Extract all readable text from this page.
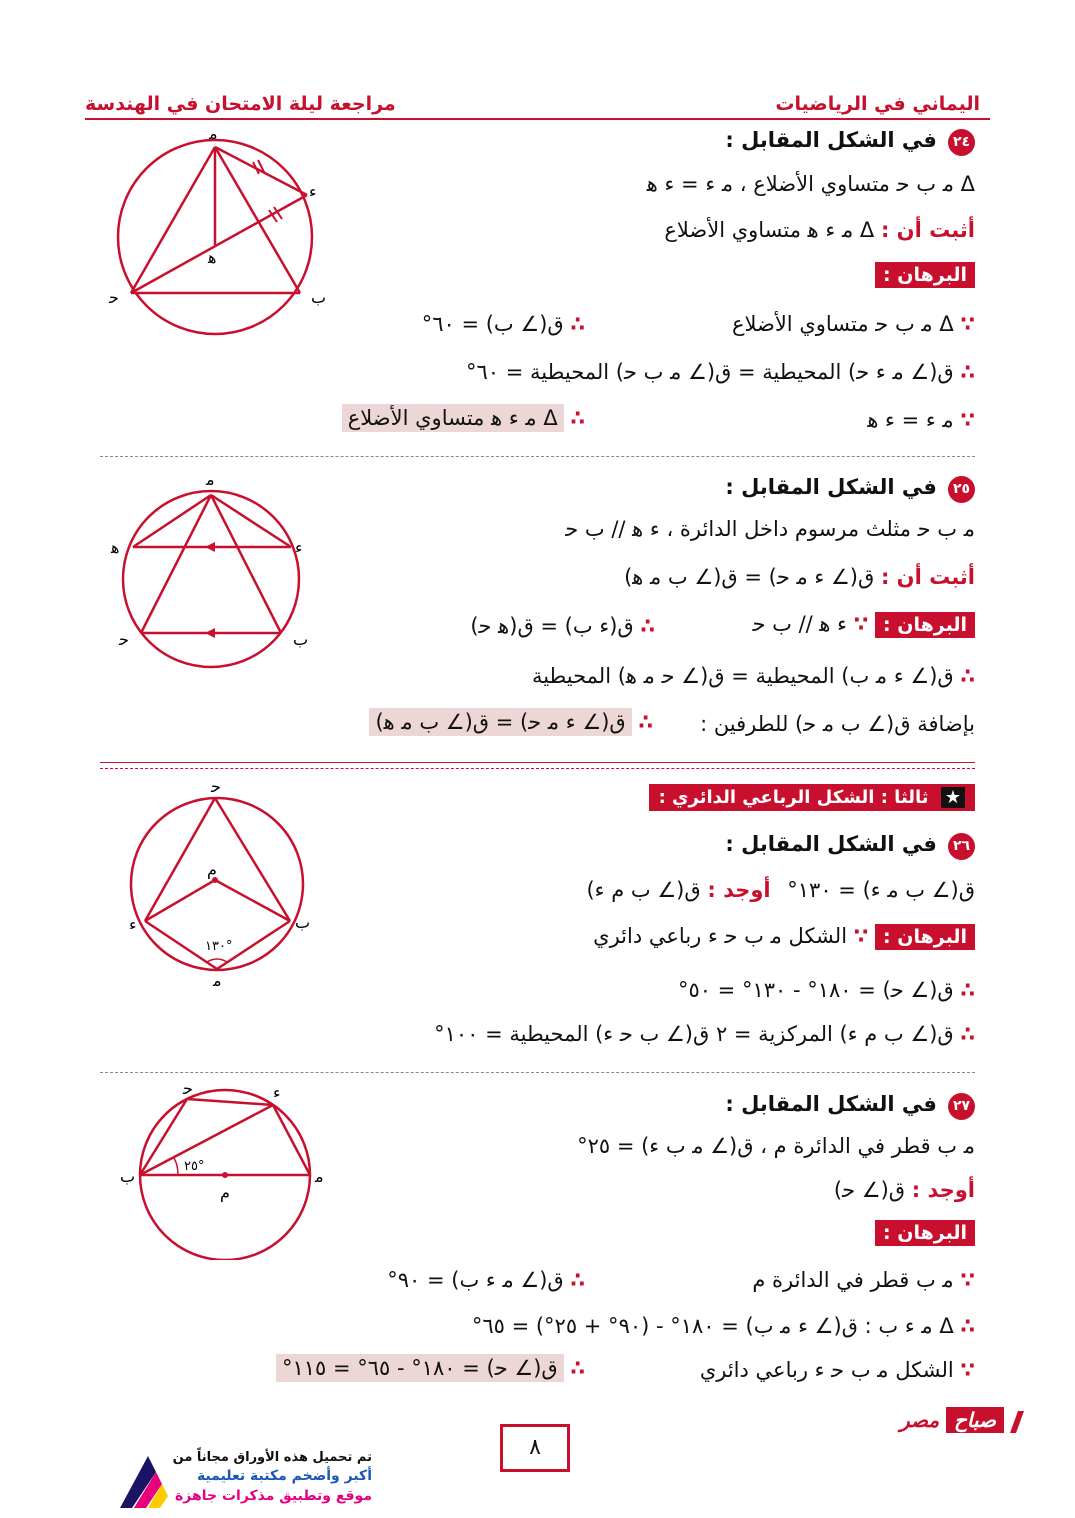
اليماني في الرياضيات
مراجعة ليلة الامتحان في الهندسة
ﻣ
ﺀ
ﻫ
ﺏ
ﺣ
٢٤ في الشكل المقابل :
Δ ﻣ ﺏ ﺣ متساوي الأضلاع ، ﻣ ﺀ = ﺀ ﻫ
أثبت أن : Δ ﻣ ﺀ ﻫ متساوي الأضلاع
البرهان :
∵ Δ ﻣ ﺏ ﺣ متساوي الأضلاع
∴ ﻕ(∠ ﺏ) = ٦٠°
∴ ﻕ(∠ ﻣ ﺀ ﺣ) المحيطية = ﻕ(∠ ﻣ ﺏ ﺣ) المحيطية = ٦٠°
∵ ﻣ ﺀ = ﺀ ﻫ
∴ Δ ﻣ ﺀ ﻫ متساوي الأضلاع
ﻣ
ﺀ
ﻫ
ﺏ
ﺣ
٢٥ في الشكل المقابل :
ﻣ ﺏ ﺣ مثلث مرسوم داخل الدائرة ، ﺀ ﻫ // ﺏ ﺣ
أثبت أن : ﻕ(∠ ﺀ ﻣ ﺣ) = ﻕ(∠ ﺏ ﻣ ﻫ)
البرهان : ∵ ﺀ ﻫ // ﺏ ﺣ
∴ ﻕ(ﺀ ﺏ) = ﻕ(ﻫ ﺣ)
∴ ﻕ(∠ ﺀ ﻣ ﺏ) المحيطية = ﻕ(∠ ﺣ ﻣ ﻫ) المحيطية
بإضافة ﻕ(∠ ﺏ ﻣ ﺣ) للطرفين :
∴ ﻕ(∠ ﺀ ﻣ ﺣ) = ﻕ(∠ ﺏ ﻣ ﻫ)
★ ثالثا : الشكل الرباعي الدائري :
ﺣ
م
ﺀ	ﺏ
ﻣ
١٣٠°
٢٦ في الشكل المقابل :
ﻕ(∠ ﺏ ﻣ ﺀ) = ١٣٠° أوجد : ﻕ(∠ ﺏ م ﺀ)
البرهان : ∵ الشكل ﻣ ﺏ ﺣ ﺀ رباعي دائري
∴ ﻕ(∠ ﺣ) = ١٨٠° - ١٣٠° = ٥٠°
∴ ﻕ(∠ ﺏ م ﺀ) المركزية = ٢ ﻕ(∠ ﺏ ﺣ ﺀ) المحيطية = ١٠٠°
ﺣ	ﺀ
ﺏ	ﻣ
م
٢٥°
٢٧ في الشكل المقابل :
ﻣ ﺏ قطر في الدائرة م ، ﻕ(∠ ﻣ ﺏ ﺀ) = ٢٥°
أوجد : ﻕ(∠ ﺣ)
البرهان :
∵ ﻣ ﺏ قطر في الدائرة م
∴ ﻕ(∠ ﻣ ﺀ ﺏ) = ٩٠°
∴ Δ ﻣ ﺀ ﺏ : ﻕ(∠ ﺀ ﻣ ﺏ) = ١٨٠° - (٩٠° + ٢٥°) = ٦٥°
∵ الشكل ﻣ ﺏ ﺣ ﺀ رباعي دائري
∴ ﻕ(∠ ﺣ) = ١٨٠° - ٦٥° = ١١٥°
٨
صباح مصر
تم تحميل هذه الأوراق مجاناً من
أكبر وأضخم مكتبة تعليمية
موقع وتطبيق مذكرات جاهزة
